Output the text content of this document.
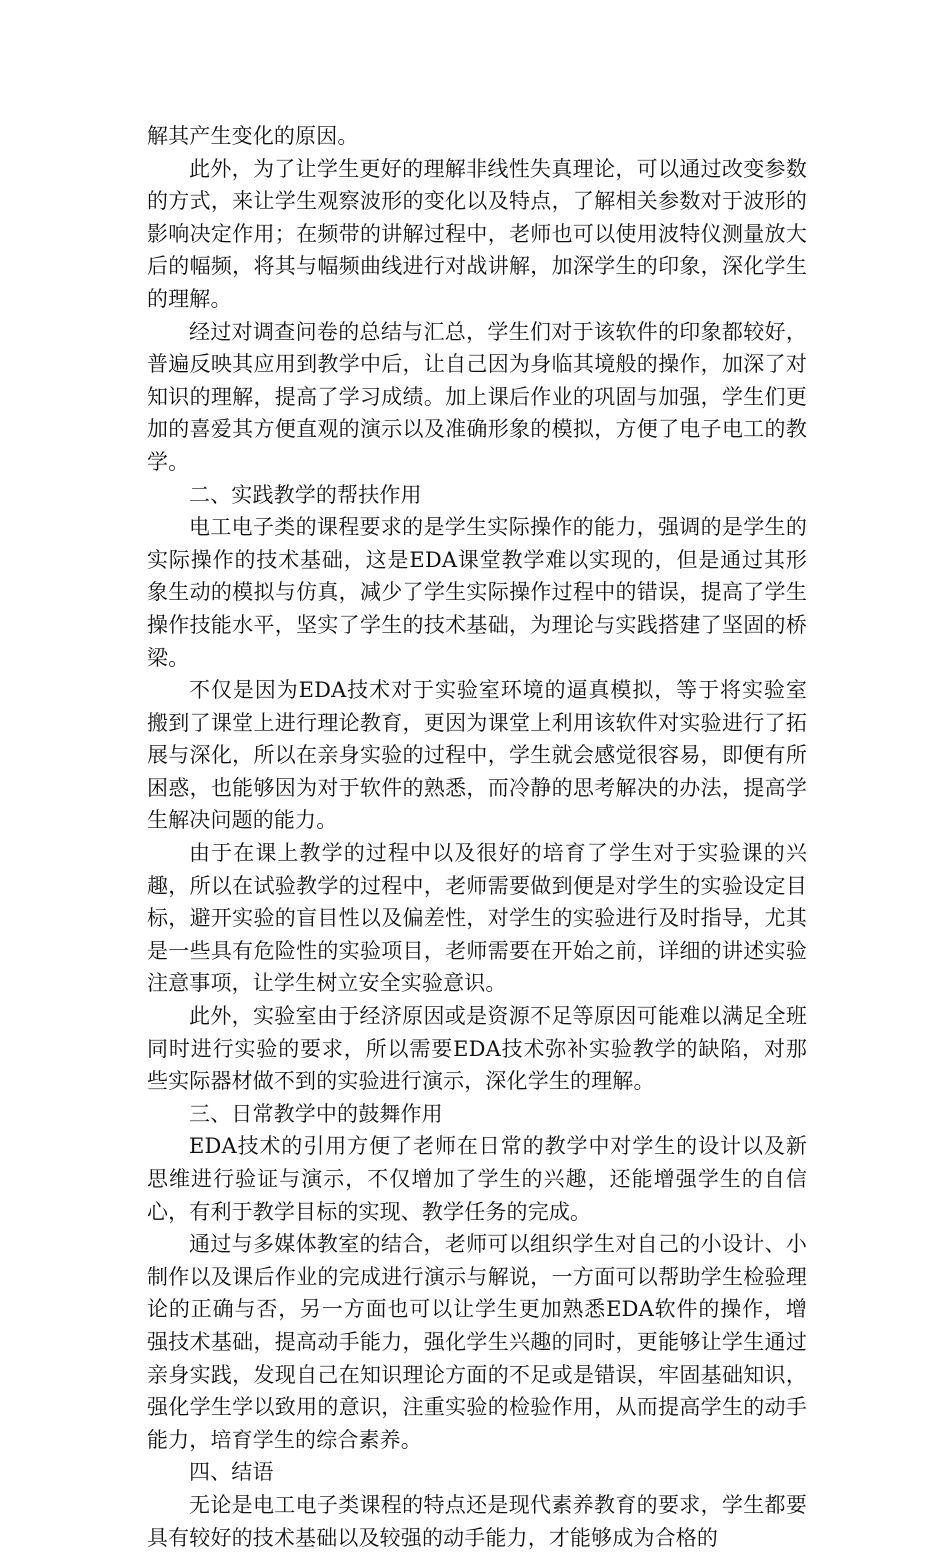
解其产生变化的原因。

此外，为了让学生更好的理解非线性失真理论，可以通过改变参数的方式，来让学生观察波形的变化以及特点，了解相关参数对于波形的影响决定作用；在频带的讲解过程中，老师也可以使用波特仪测量放大后的幅频，将其与幅频曲线进行对战讲解，加深学生的印象，深化学生的理解。

经过对调查问卷的总结与汇总，学生们对于该软件的印象都较好，普遍反映其应用到教学中后，让自己因为身临其境般的操作，加深了对知识的理解，提高了学习成绩。加上课后作业的巩固与加强，学生们更加的喜爱其方便直观的演示以及准确形象的模拟，方便了电子电工的教学。

二、实践教学的帮扶作用

电工电子类的课程要求的是学生实际操作的能力，强调的是学生的实际操作的技术基础，这是EDA课堂教学难以实现的，但是通过其形象生动的模拟与仿真，减少了学生实际操作过程中的错误，提高了学生操作技能水平，坚实了学生的技术基础，为理论与实践搭建了坚固的桥梁。

不仅是因为EDA技术对于实验室环境的逼真模拟，等于将实验室搬到了课堂上进行理论教育，更因为课堂上利用该软件对实验进行了拓展与深化，所以在亲身实验的过程中，学生就会感觉很容易，即便有所困惑，也能够因为对于软件的熟悉，而冷静的思考解决的办法，提高学生解决问题的能力。

由于在课上教学的过程中以及很好的培育了学生对于实验课的兴趣，所以在试验教学的过程中，老师需要做到便是对学生的实验设定目标，避开实验的盲目性以及偏差性，对学生的实验进行及时指导，尤其是一些具有危险性的实验项目，老师需要在开始之前，详细的讲述实验注意事项，让学生树立安全实验意识。

此外，实验室由于经济原因或是资源不足等原因可能难以满足全班同时进行实验的要求，所以需要EDA技术弥补实验教学的缺陷，对那些实际器材做不到的实验进行演示，深化学生的理解。

三、日常教学中的鼓舞作用

EDA技术的引用方便了老师在日常的教学中对学生的设计以及新思维进行验证与演示，不仅增加了学生的兴趣，还能增强学生的自信心，有利于教学目标的实现、教学任务的完成。

通过与多媒体教室的结合，老师可以组织学生对自己的小设计、小制作以及课后作业的完成进行演示与解说，一方面可以帮助学生检验理论的正确与否，另一方面也可以让学生更加熟悉EDA软件的操作，增强技术基础，提高动手能力，强化学生兴趣的同时，更能够让学生通过亲身实践，发现自己在知识理论方面的不足或是错误，牢固基础知识，强化学生学以致用的意识，注重实验的检验作用，从而提高学生的动手能力，培育学生的综合素养。

四、结语

无论是电工电子类课程的特点还是现代素养教育的要求，学生都要具有较好的技术基础以及较强的动手能力，才能够成为合格的
